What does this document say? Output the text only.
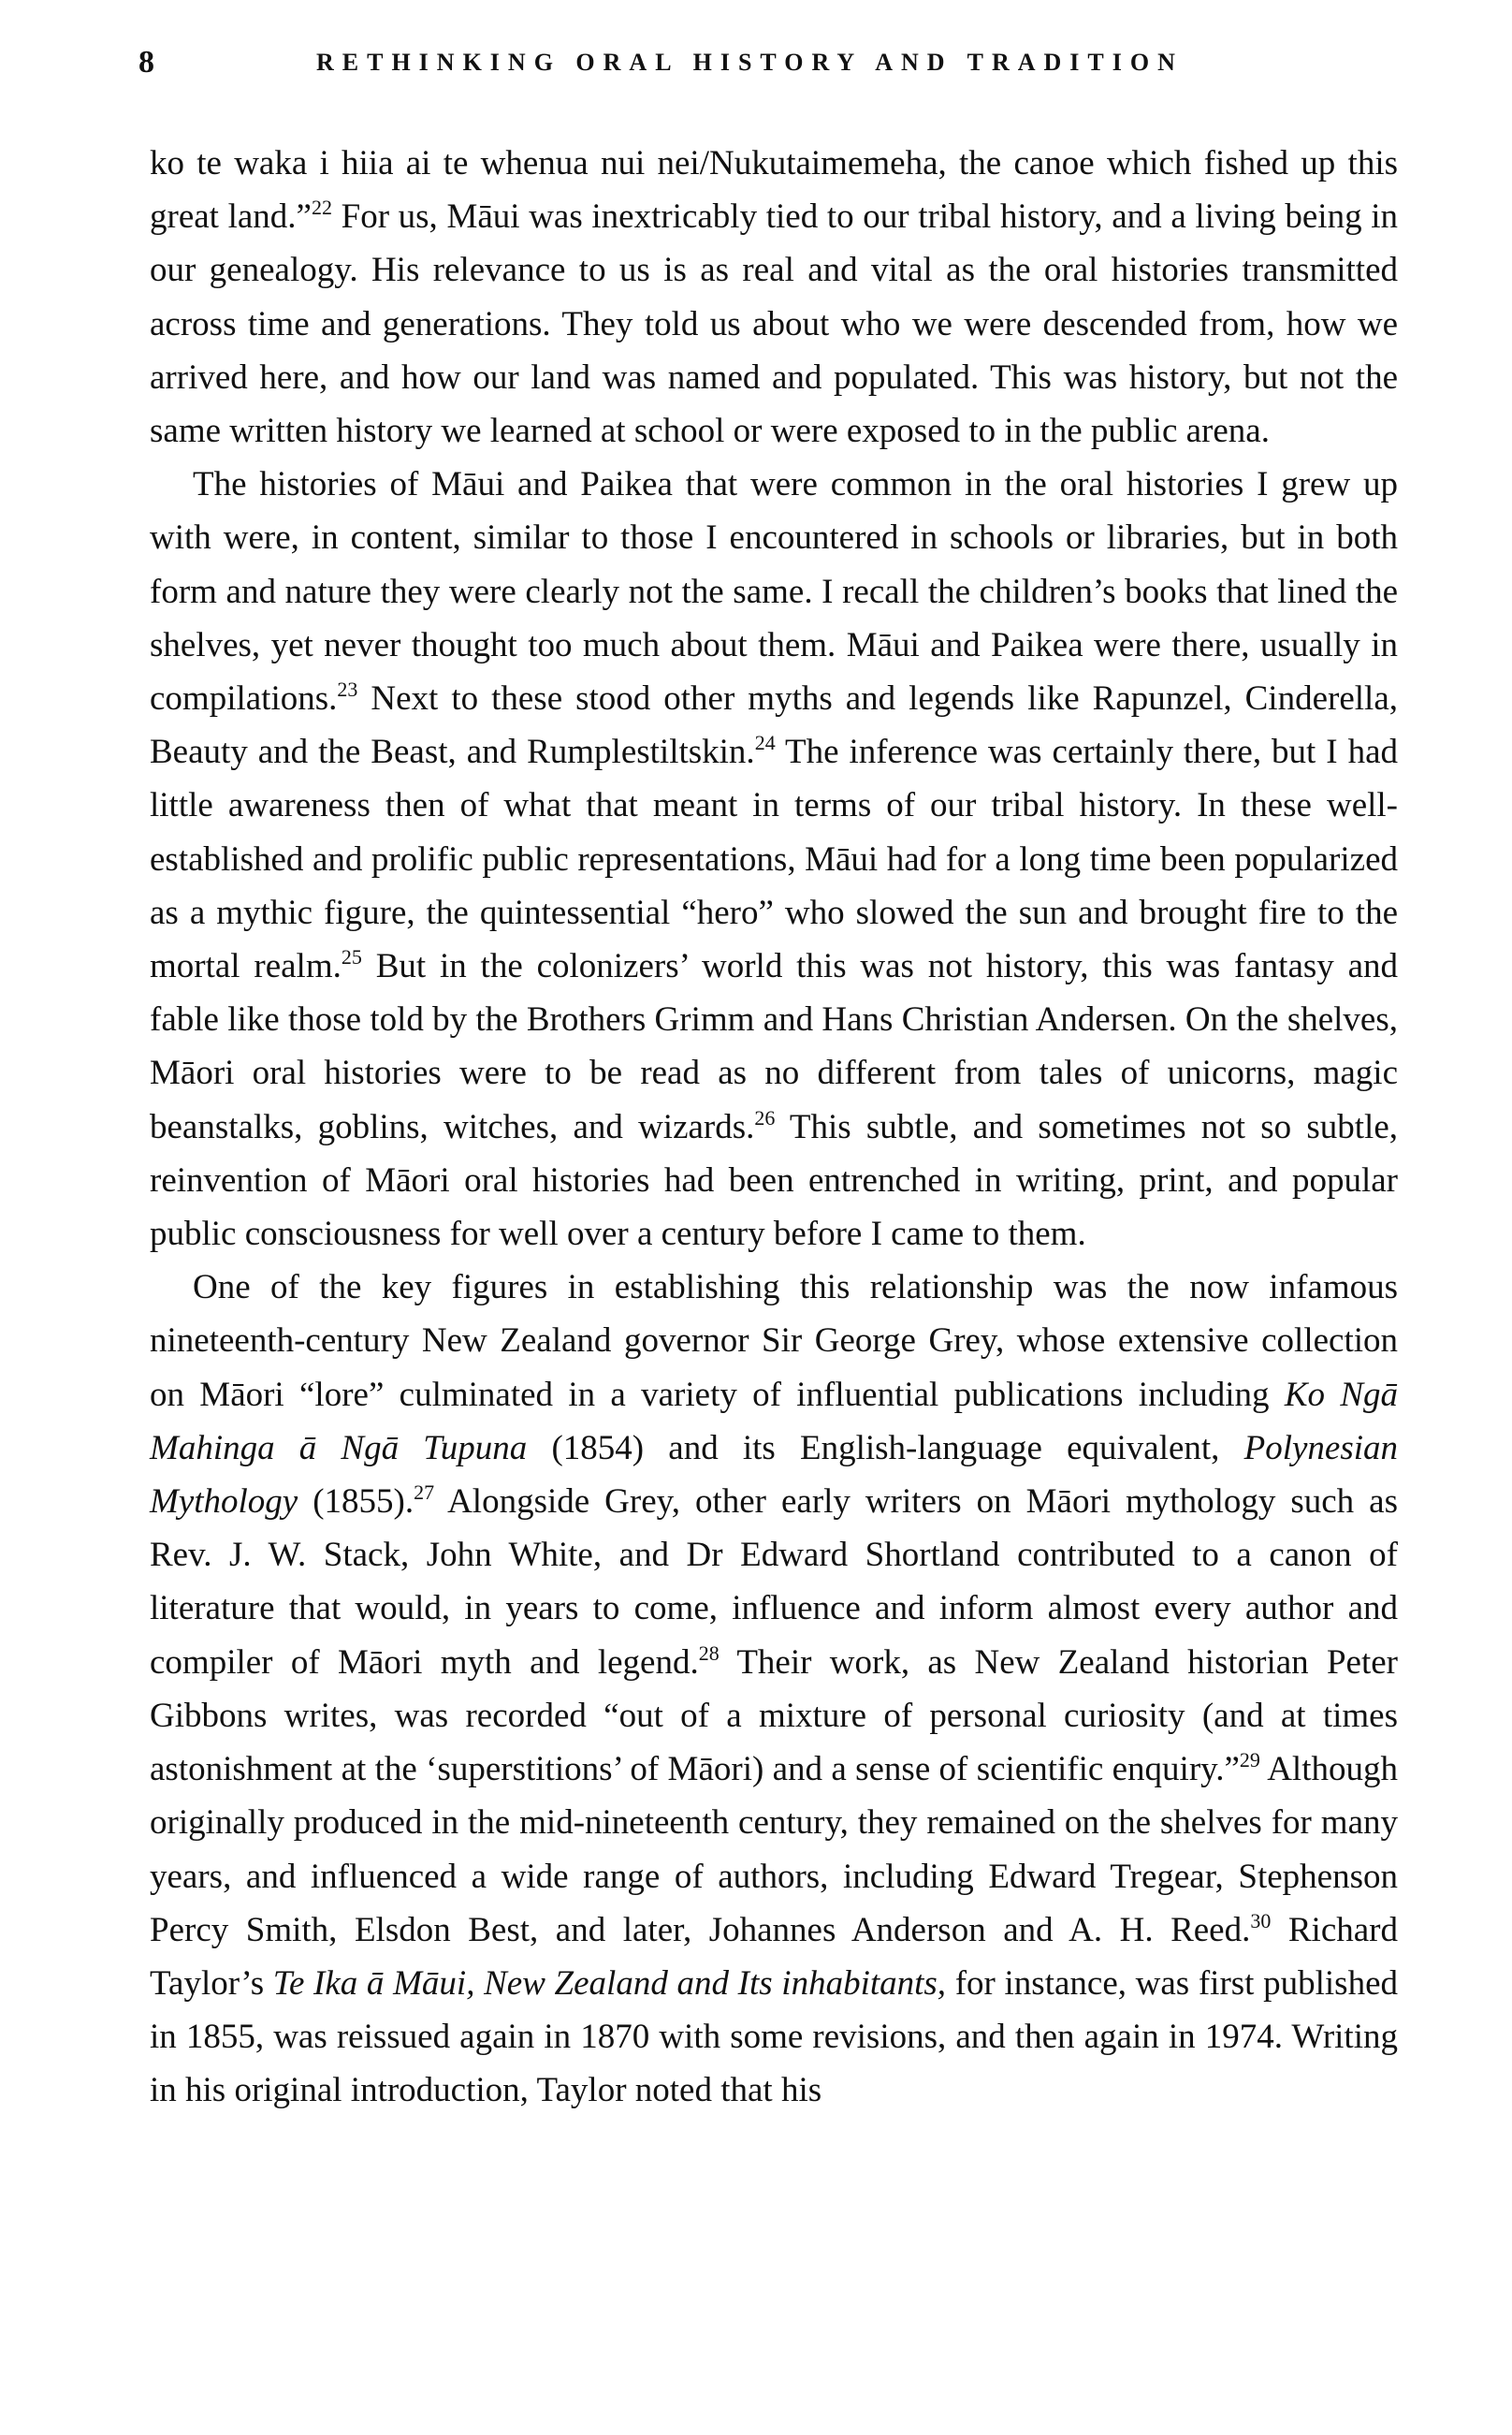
8	RETHINKING ORAL HISTORY AND TRADITION

ko te waka i hiia ai te whenua nui nei/Nukutaimemeha, the canoe which fished up this great land.”$^{22}$ For us, Māui was inextricably tied to our tribal history, and a living being in our genealogy. His relevance to us is as real and vital as the oral histories transmitted across time and generations. They told us about who we were descended from, how we arrived here, and how our land was named and populated. This was history, but not the same written history we learned at school or were exposed to in the public arena.

The histories of Māui and Paikea that were common in the oral histories I grew up with were, in content, similar to those I encountered in schools or libraries, but in both form and nature they were clearly not the same. I recall the children’s books that lined the shelves, yet never thought too much about them. Māui and Paikea were there, usually in compilations.$^{23}$ Next to these stood other myths and legends like Rapunzel, Cinderella, Beauty and the Beast, and Rumplestiltskin.$^{24}$ The inference was certainly there, but I had little awareness then of what that meant in terms of our tribal history. In these well-established and prolific public representations, Māui had for a long time been popularized as a mythic figure, the quintessential “hero” who slowed the sun and brought fire to the mortal realm.$^{25}$ But in the colonizers’ world this was not history, this was fantasy and fable like those told by the Brothers Grimm and Hans Christian Andersen. On the shelves, Māori oral histories were to be read as no different from tales of unicorns, magic beanstalks, goblins, witches, and wizards.$^{26}$ This subtle, and sometimes not so subtle, reinvention of Māori oral histories had been entrenched in writing, print, and popular public consciousness for well over a century before I came to them.

One of the key figures in establishing this relationship was the now infamous nineteenth-century New Zealand governor Sir George Grey, whose extensive collection on Māori “lore” culminated in a variety of influential publications including Ko Ngā Mahinga ā Ngā Tupuna (1854) and its English-language equivalent, Polynesian Mythology (1855).$^{27}$ Alongside Grey, other early writers on Māori mythology such as Rev. J. W. Stack, John White, and Dr Edward Shortland contributed to a canon of literature that would, in years to come, influence and inform almost every author and compiler of Māori myth and legend.$^{28}$ Their work, as New Zealand historian Peter Gibbons writes, was recorded “out of a mixture of personal curiosity (and at times astonishment at the ‘superstitions’ of Māori) and a sense of scientific enquiry.”$^{29}$ Although originally produced in the mid-nineteenth century, they remained on the shelves for many years, and influenced a wide range of authors, including Edward Tregear, Stephenson Percy Smith, Elsdon Best, and later, Johannes Anderson and A. H. Reed.$^{30}$ Richard Taylor’s Te Ika ā Māui, New Zealand and Its inhabitants, for instance, was first published in 1855, was reissued again in 1870 with some revisions, and then again in 1974. Writing in his original introduction, Taylor noted that his
